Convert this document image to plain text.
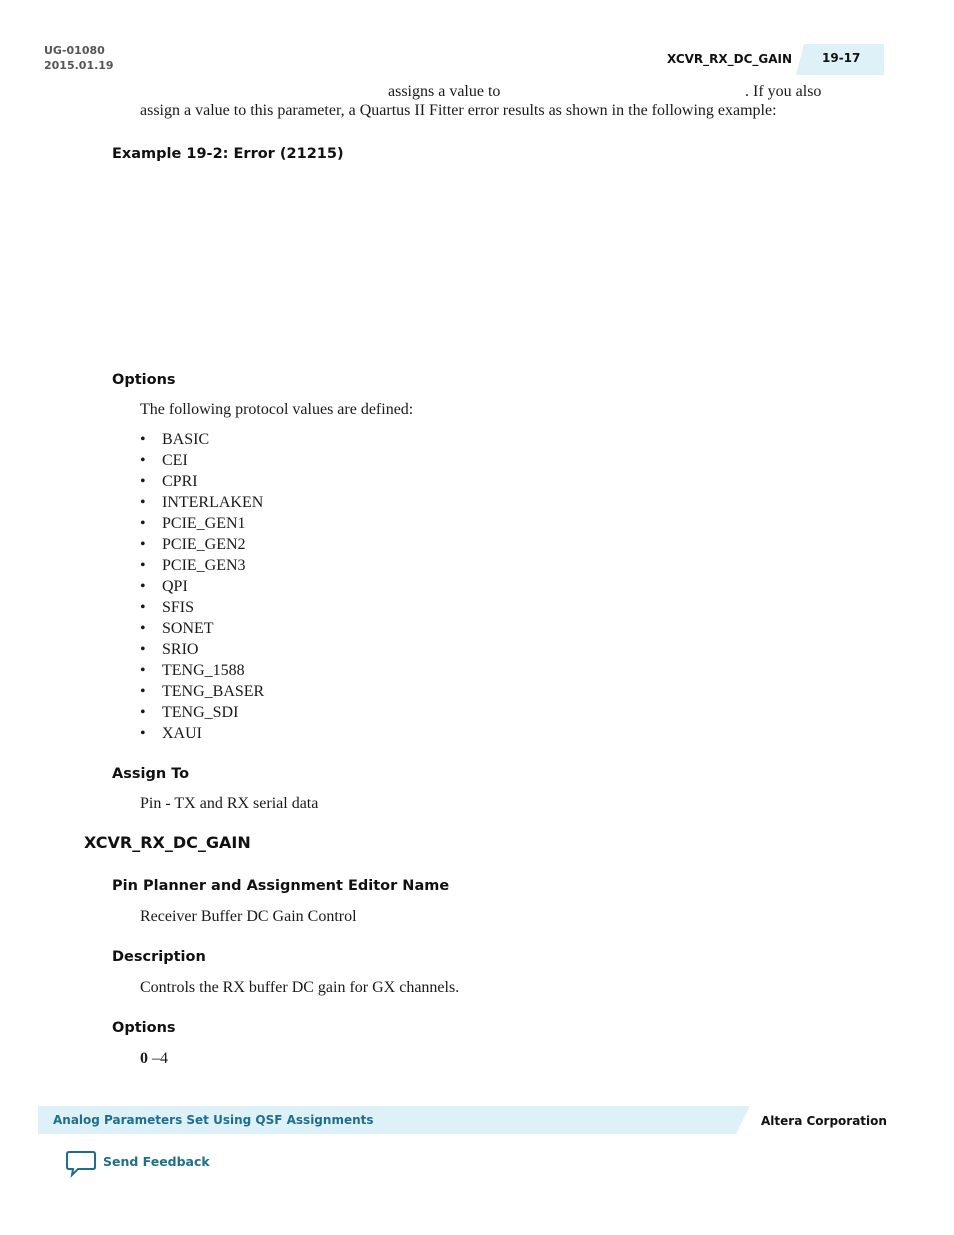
UG-01080
2015.01.19	XCVR_RX_DC_GAIN 19-17
assigns a value to	. If you also
assign a value to this parameter, a Quartus II Fitter error results as shown in the following example:
Example 19-2: Error (21215)
Options
The following protocol values are defined:
• BASIC
• CEI
• CPRI
• INTERLAKEN
• PCIE_GEN1
• PCIE_GEN2
• PCIE_GEN3
• QPI
• SFIS
• SONET
• SRIO
• TENG_1588
• TENG_BASER
• TENG_SDI
• XAUI
Assign To
Pin - TX and RX serial data
XCVR_RX_DC_GAIN
Pin Planner and Assignment Editor Name
Receiver Buffer DC Gain Control
Description
Controls the RX buffer DC gain for GX channels.
Options
0 –4
Analog Parameters Set Using QSF Assignments	Altera Corporation
Send Feedback
